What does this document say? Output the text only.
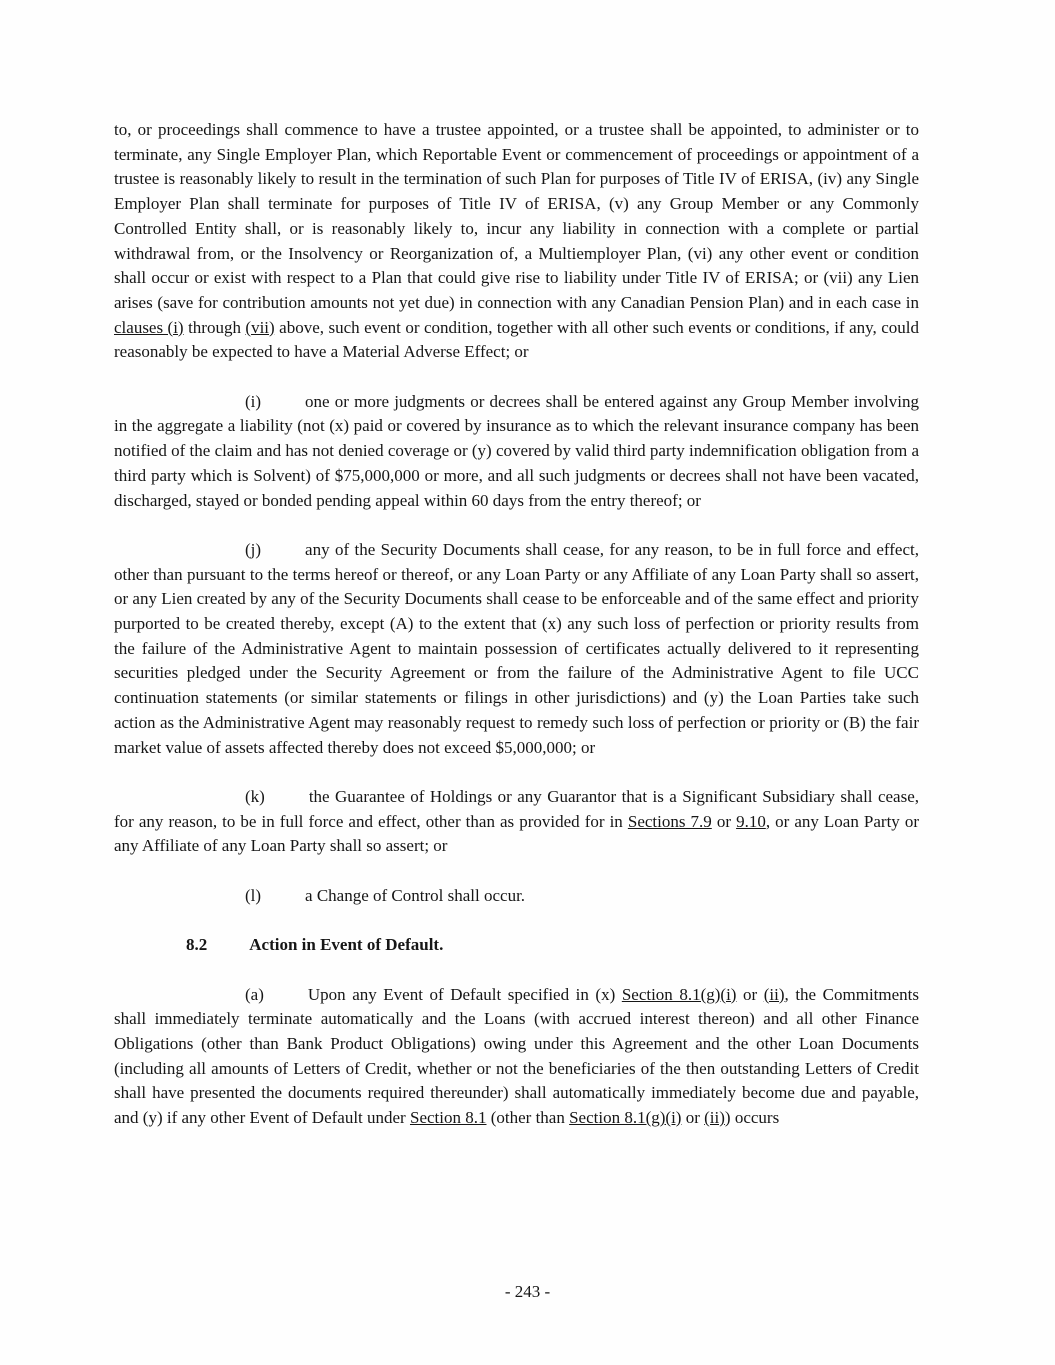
to, or proceedings shall commence to have a trustee appointed, or a trustee shall be appointed, to administer or to terminate, any Single Employer Plan, which Reportable Event or commencement of proceedings or appointment of a trustee is reasonably likely to result in the termination of such Plan for purposes of Title IV of ERISA, (iv) any Single Employer Plan shall terminate for purposes of Title IV of ERISA, (v) any Group Member or any Commonly Controlled Entity shall, or is reasonably likely to, incur any liability in connection with a complete or partial withdrawal from, or the Insolvency or Reorganization of, a Multiemployer Plan, (vi) any other event or condition shall occur or exist with respect to a Plan that could give rise to liability under Title IV of ERISA; or (vii) any Lien arises (save for contribution amounts not yet due) in connection with any Canadian Pension Plan) and in each case in clauses (i) through (vii) above, such event or condition, together with all other such events or conditions, if any, could reasonably be expected to have a Material Adverse Effect; or

(i)	one or more judgments or decrees shall be entered against any Group Member involving in the aggregate a liability (not (x) paid or covered by insurance as to which the relevant insurance company has been notified of the claim and has not denied coverage or (y) covered by valid third party indemnification obligation from a third party which is Solvent) of $75,000,000 or more, and all such judgments or decrees shall not have been vacated, discharged, stayed or bonded pending appeal within 60 days from the entry thereof; or

(j)	any of the Security Documents shall cease, for any reason, to be in full force and effect, other than pursuant to the terms hereof or thereof, or any Loan Party or any Affiliate of any Loan Party shall so assert, or any Lien created by any of the Security Documents shall cease to be enforceable and of the same effect and priority purported to be created thereby, except (A) to the extent that (x) any such loss of perfection or priority results from the failure of the Administrative Agent to maintain possession of certificates actually delivered to it representing securities pledged under the Security Agreement or from the failure of the Administrative Agent to file UCC continuation statements (or similar statements or filings in other jurisdictions) and (y) the Loan Parties take such action as the Administrative Agent may reasonably request to remedy such loss of perfection or priority or (B) the fair market value of assets affected thereby does not exceed $5,000,000; or

(k)	the Guarantee of Holdings or any Guarantor that is a Significant Subsidiary shall cease, for any reason, to be in full force and effect, other than as provided for in Sections 7.9 or 9.10, or any Loan Party or any Affiliate of any Loan Party shall so assert; or

(l)	a Change of Control shall occur.

8.2 Action in Event of Default.

(a)	Upon any Event of Default specified in (x) Section 8.1(g)(i) or (ii), the Commitments shall immediately terminate automatically and the Loans (with accrued interest thereon) and all other Finance Obligations (other than Bank Product Obligations) owing under this Agreement and the other Loan Documents (including all amounts of Letters of Credit, whether or not the beneficiaries of the then outstanding Letters of Credit shall have presented the documents required thereunder) shall automatically immediately become due and payable, and (y) if any other Event of Default under Section 8.1 (other than Section 8.1(g)(i) or (ii)) occurs

- 243 -
